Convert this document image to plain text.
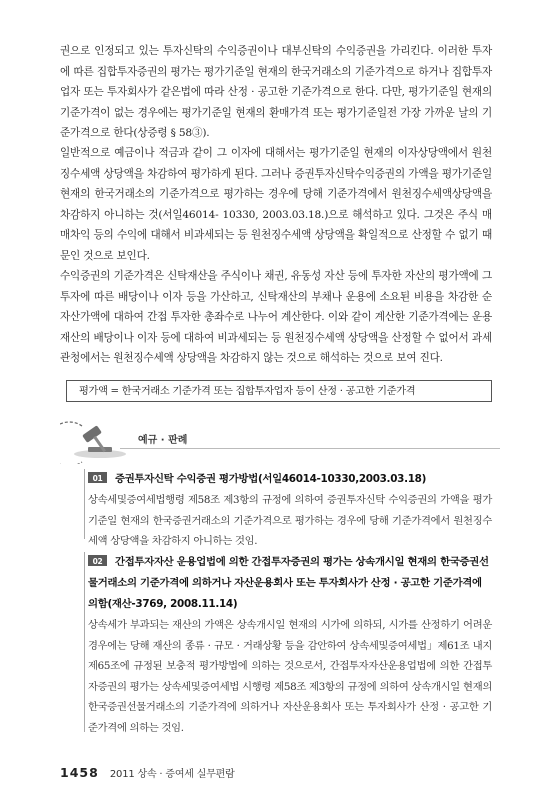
권으로 인정되고 있는 투자신탁의 수익증권이나 대부신탁의 수익증권을 가리킨다. 이러한 투자에 따른 집합투자증권의 평가는 평가기준일 현재의 한국거래소의 기준가격으로 하거나 집합투자업자 또는 투자회사가 같은법에 따라 산정 · 공고한 기준가격으로 한다. 다만, 평가기준일 현재의 기준가격이 없는 경우에는 평가기준일 현재의 환매가격 또는 평가기준일전 가장 가까운 날의 기준가격으로 한다(상증령 § 58③).

일반적으로 예금이나 적금과 같이 그 이자에 대해서는 평가기준일 현재의 이자상당액에서 원천징수세액 상당액을 차감하여 평가하게 된다. 그러나 증권투자신탁수익증권의 가액을 평가기준일 현재의 한국거래소의 기준가격으로 평가하는 경우에 당해 기준가격에서 원천징수세액상당액을 차감하지 아니하는 것(서일46014- 10330, 2003.03.18.)으로 해석하고 있다. 그것은 주식 매매차익 등의 수익에 대해서 비과세되는 등 원천징수세액 상당액을 확일적으로 산정할 수 없기 때문인 것으로 보인다.

수익증권의 기준가격은 신탁재산을 주식이나 채권, 유동성 자산 등에 투자한 자산의 평가액에 그 투자에 따른 배당이나 이자 등을 가산하고, 신탁재산의 부채나 운용에 소요된 비용을 차감한 순자산가액에 대하여 간접 투자한 총좌수로 나누어 계산한다. 이와 같이 계산한 기준가격에는 운용재산의 배당이나 이자 등에 대하여 비과세되는 등 원천징수세액 상당액을 산정할 수 없어서 과세관청에서는 원천징수세액 상당액을 차감하지 않는 것으로 해석하는 것으로 보여 진다.

평가액 = 한국거래소 기준가격 또는 집합투자업자 등이 산정 · 공고한 기준가격
예규 · 판례

01 증권투자신탁 수익증권 평가방법(서일46014-10330,2003.03.18)

상속세및증여세법행령 제58조 제3항의 규정에 의하여 증권투자신탁 수익증권의 가액을 평가기준일 현재의 한국증권거래소의 기준가격으로 평가하는 경우에 당해 기준가격에서 원천징수세액 상당액을 차감하지 아니하는 것임.

02 간접투자자산 운용업법에 의한 간접투자증권의 평가는 상속개시일 현재의 한국증권선물거래소의 기준가격에 의하거나 자산운용회사 또는 투자회사가 산정 · 공고한 기준가격에 의함(재산-3769, 2008.11.14)

상속세가 부과되는 재산의 가액은 상속개시일 현재의 시가에 의하되, 시가를 산정하기 어려운 경우에는 당해 재산의 종류 · 규모 · 거래상황 등을 감안하여 상속세및증여세법」제61조 내지 제65조에 규정된 보충적 평가방법에 의하는 것으로서, 간접투자자산운용업법에 의한 간접투자증권의 평가는 상속세및증여세법 시행령 제58조 제3항의 규정에 의하여 상속개시일 현재의 한국증권선물거래소의 기준가격에 의하거나 자산운용회사 또는 투자회사가 산정 · 공고한 기준가격에 의하는 것임.

1458 2011 상속 · 증여세 실무편람
